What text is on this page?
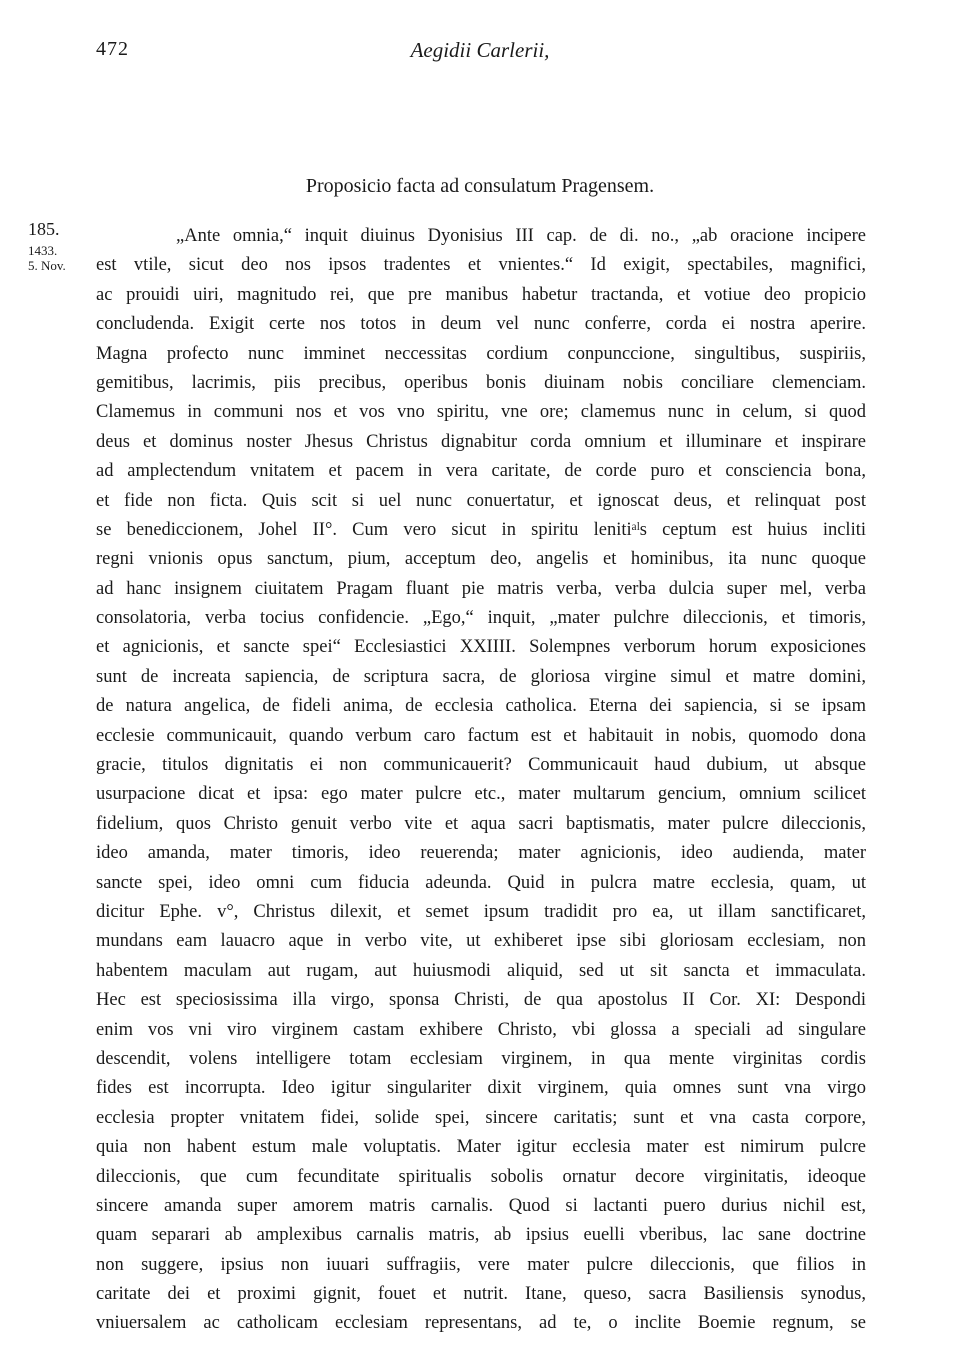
472	Aegidii Carlerii,
Proposicio facta ad consulatum Pragensem.
185.
1433.
5. Nov.
„Ante omnia,“ inquit diuinus Dyonisius III cap. de di. no., „ab oracione incipere
est vtile, sicut deo nos ipsos tradentes et vnientes.“ Id exigit, spectabiles, magnifici,
ac prouidi uiri, magnitudo rei, que pre manibus habetur tractanda, et votiue deo propicio
concludenda. Exigit certe nos totos in deum vel nunc conferre, corda ei nostra aperire.
Magna profecto nunc imminet neccessitas cordium conpunccione, singultibus, suspiriis,
gemitibus, lacrimis, piis precibus, operibus bonis diuinam nobis conciliare clemenciam.
Clamemus in communi nos et vos vno spiritu, vne ore; clamemus nunc in celum, si quod
deus et dominus noster Jhesus Christus dignabitur corda omnium et illuminare et inspirare
ad amplectendum vnitatem et pacem in vera caritate, de corde puro et consciencia bona,
et fide non ficta. Quis scit si uel nunc conuertatur, et ignoscat deus, et relinquat post
se benediccionem, Johel II°. Cum vero sicut in spiritu lenitiᵃˡs ceptum est huius incliti
regni vnionis opus sanctum, pium, acceptum deo, angelis et hominibus, ita nunc quoque
ad hanc insignem ciuitatem Pragam fluant pie matris verba, verba dulcia super mel, verba
consolatoria, verba tocius confidencie. „Ego,“ inquit, „mater pulchre dileccionis, et timoris,
et agnicionis, et sancte spei“ Ecclesiastici XXIIII. Solempnes verborum horum exposiciones
sunt de increata sapiencia, de scriptura sacra, de gloriosa virgine simul et matre domini,
de natura angelica, de fideli anima, de ecclesia catholica. Eterna dei sapiencia, si se ipsam
ecclesie communicauit, quando verbum caro factum est et habitauit in nobis, quomodo dona
gracie, titulos dignitatis ei non communicauerit? Communicauit haud dubium, ut absque
usurpacione dicat et ipsa: ego mater pulcre etc., mater multarum gencium, omnium scilicet
fidelium, quos Christo genuit verbo vite et aqua sacri baptismatis, mater pulcre dileccionis,
ideo amanda, mater timoris, ideo reuerenda; mater agnicionis, ideo audienda, mater
sancte spei, ideo omni cum fiducia adeunda. Quid in pulcra matre ecclesia, quam, ut
dicitur Ephe. v°, Christus dilexit, et semet ipsum tradidit pro ea, ut illam sanctificaret,
mundans eam lauacro aque in verbo vite, ut exhiberet ipse sibi gloriosam ecclesiam, non
habentem maculam aut rugam, aut huiusmodi aliquid, sed ut sit sancta et immaculata.
Hec est speciosissima illa virgo, sponsa Christi, de qua apostolus II Cor. XI: Despondi
enim vos vni viro virginem castam exhibere Christo, vbi glossa a speciali ad singulare
descendit, volens intelligere totam ecclesiam virginem, in qua mente virginitas cordis
fides est incorrupta. Ideo igitur singulariter dixit virginem, quia omnes sunt vna virgo
ecclesia propter vnitatem fidei, solide spei, sincere caritatis; sunt et vna casta corpore,
quia non habent estum male voluptatis. Mater igitur ecclesia mater est nimirum pulcre
dileccionis, que cum fecunditate spiritualis sobolis ornatur decore virginitatis, ideoque
sincere amanda super amorem matris carnalis. Quod si lactanti puero durius nichil est,
quam separari ab amplexibus carnalis matris, ab ipsius euelli vberibus, lac sane doctrine
non suggere, ipsius non iuuari suffragiis, vere mater pulcre dileccionis, que filios in
caritate dei et proximi gignit, fouet et nutrit. Itane, queso, sacra Basiliensis synodus,
vniuersalem ac catholicam ecclesiam representans, ad te, o inclite Boemie regnum, se
